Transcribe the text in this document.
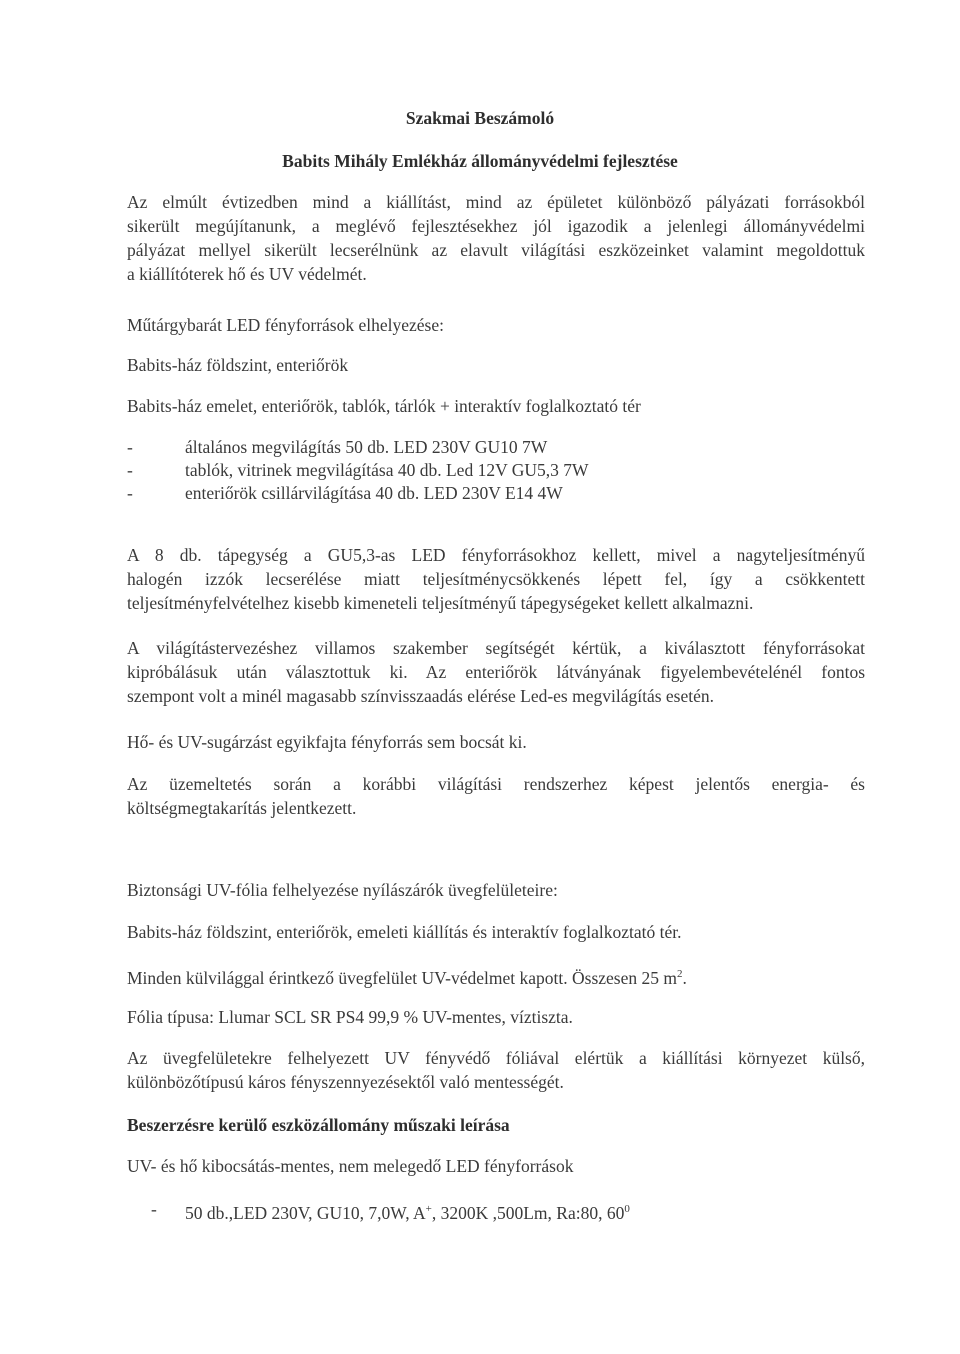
Szakmai Beszámoló
Babits Mihály Emlékház állományvédelmi fejlesztése
Az elmúlt évtizedben mind a kiállítást, mind az épületet különböző pályázati forrásokból
sikerült megújítanunk, a meglévő fejlesztésekhez jól igazodik a jelenlegi állományvédelmi
pályázat mellyel sikerült lecserélnünk az elavult világítási eszközeinket valamint megoldottuk
a kiállítóterek hő és UV védelmét.
Műtárgybarát LED fényforrások elhelyezése:
Babits-ház földszint, enteriőrök
Babits-ház emelet, enteriőrök, tablók, tárlók + interaktív foglalkoztató tér
-	általános megvilágítás 50 db. LED 230V GU10 7W
-	tablók, vitrinek megvilágítása 40 db. Led 12V GU5,3 7W
-	enteriőrök csillárvilágítása 40 db. LED 230V E14 4W
A 8 db. tápegység a GU5,3-as LED fényforrásokhoz kellett, mivel a nagyteljesítményű
halogén izzók lecserélése miatt teljesítménycsökkenés lépett fel, így a csökkentett
teljesítményfelvételhez kisebb kimeneteli teljesítményű tápegységeket kellett alkalmazni.
A világítástervezéshez villamos szakember segítségét kértük, a kiválasztott fényforrásokat
kipróbálásuk után választottuk ki. Az enteriőrök látványának figyelembevételénél fontos
szempont volt a minél magasabb színvisszaadás elérése Led-es megvilágítás esetén.
Hő- és UV-sugárzást egyikfajta fényforrás sem bocsát ki.
Az üzemeltetés során a korábbi világítási rendszerhez képest jelentős energia- és
költségmegtakarítás jelentkezett.
Biztonsági UV-fólia felhelyezése nyílászárók üvegfelületeire:
Babits-ház földszint, enteriőrök, emeleti kiállítás és interaktív foglalkoztató tér.
Minden külvilággal érintkező üvegfelület UV-védelmet kapott. Összesen 25 $m^2$.
Fólia típusa: Llumar SCL SR PS4 99,9 % UV-mentes, víztiszta.
Az üvegfelületekre felhelyezett UV fényvédő fóliával elértük a kiállítási környezet külső,
különbözőtípusú káros fényszennyezésektől való mentességét.
Beszerzésre kerülő eszközállomány műszaki leírása
UV- és hő kibocsátás-mentes, nem melegedő LED fényforrások
-	50 db.,LED 230V, GU10, 7,0W, A+, 3200K ,500Lm, Ra:80, $60^0$
